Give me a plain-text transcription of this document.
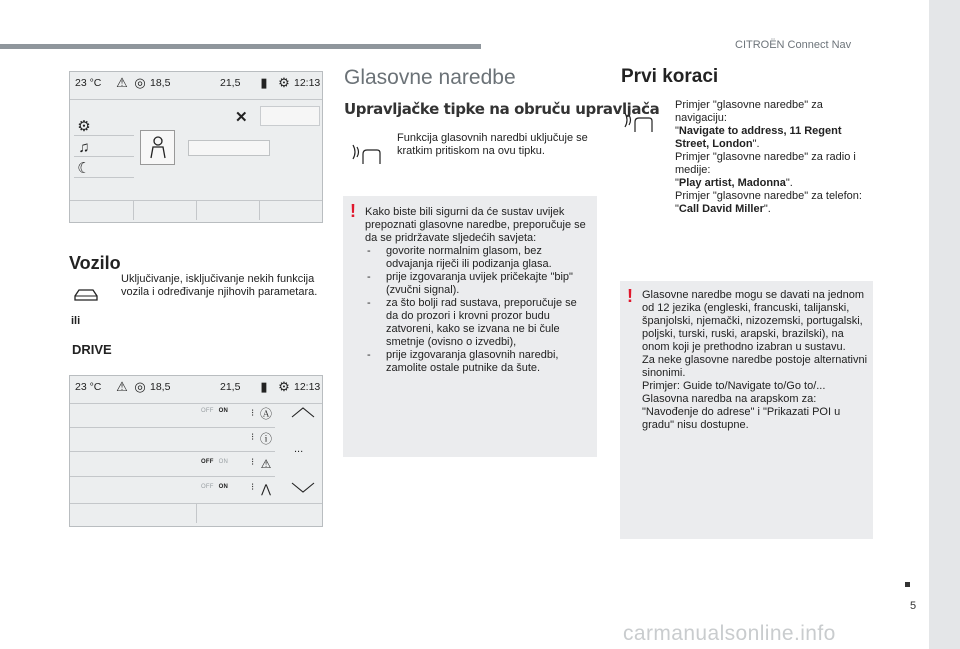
CITROËN Connect Nav
5
23 °C ⚠ ◎ 18,5	21,5	▮ ⚙ 12:13
✕
⚙
♫
☾
Vozilo
ili
Uključivanje, isključivanje nekih funkcija vozila i određivanje njihovih parametara.
DRIVE
23 °C ⚠ ◎ 18,5	21,5	▮ ⚙ 12:13
OFF ON ⁝ Ⓐ
⁝ ⓘ
...
OFF ON ⁝ ⚠
OFF ON ⁝ ⋀
Glasovne naredbe
Upravljačke tipke na obruču upravljača
Funkcija glasovnih naredbi uključuje se kratkim pritiskom na ovu tipku.
! Kako biste bili sigurni da će sustav uvijek prepoznati glasovne naredbe, preporučuje se da se pridržavate sljedećih savjeta:
- govorite normalnim glasom, bez odvajanja riječi ili podizanja glasa.
- prije izgovaranja uvijek pričekajte "bip" (zvučni signal).
- za što bolji rad sustava, preporučuje se da do prozori i krovni prozor budu zatvoreni, kako se izvana ne bi čule smetnje (ovisno o izvedbi),
- prije izgovaranja glasovnih naredbi, zamolite ostale putnike da šute.
Prvi koraci
Primjer "glasovne naredbe" za navigaciju:
"Navigate to address, 11 Regent Street, London".
Primjer "glasovne naredbe" za radio i medije:
"Play artist, Madonna".
Primjer "glasovne naredbe" za telefon:
"Call David Miller".
! Glasovne naredbe mogu se davati na jednom od 12 jezika (engleski, francuski, talijanski, španjolski, njemački, nizozemski, portugalski, poljski, turski, ruski, arapski, brazilski), na onom koji je prethodno izabran u sustavu.
Za neke glasovne naredbe postoje alternativni sinonimi.
Primjer: Guide to/Navigate to/Go to/...
Glasovna naredba na arapskom za: "Navođenje do adrese" i "Prikazati POI u gradu" nisu dostupne.
carmanualsonline.info
